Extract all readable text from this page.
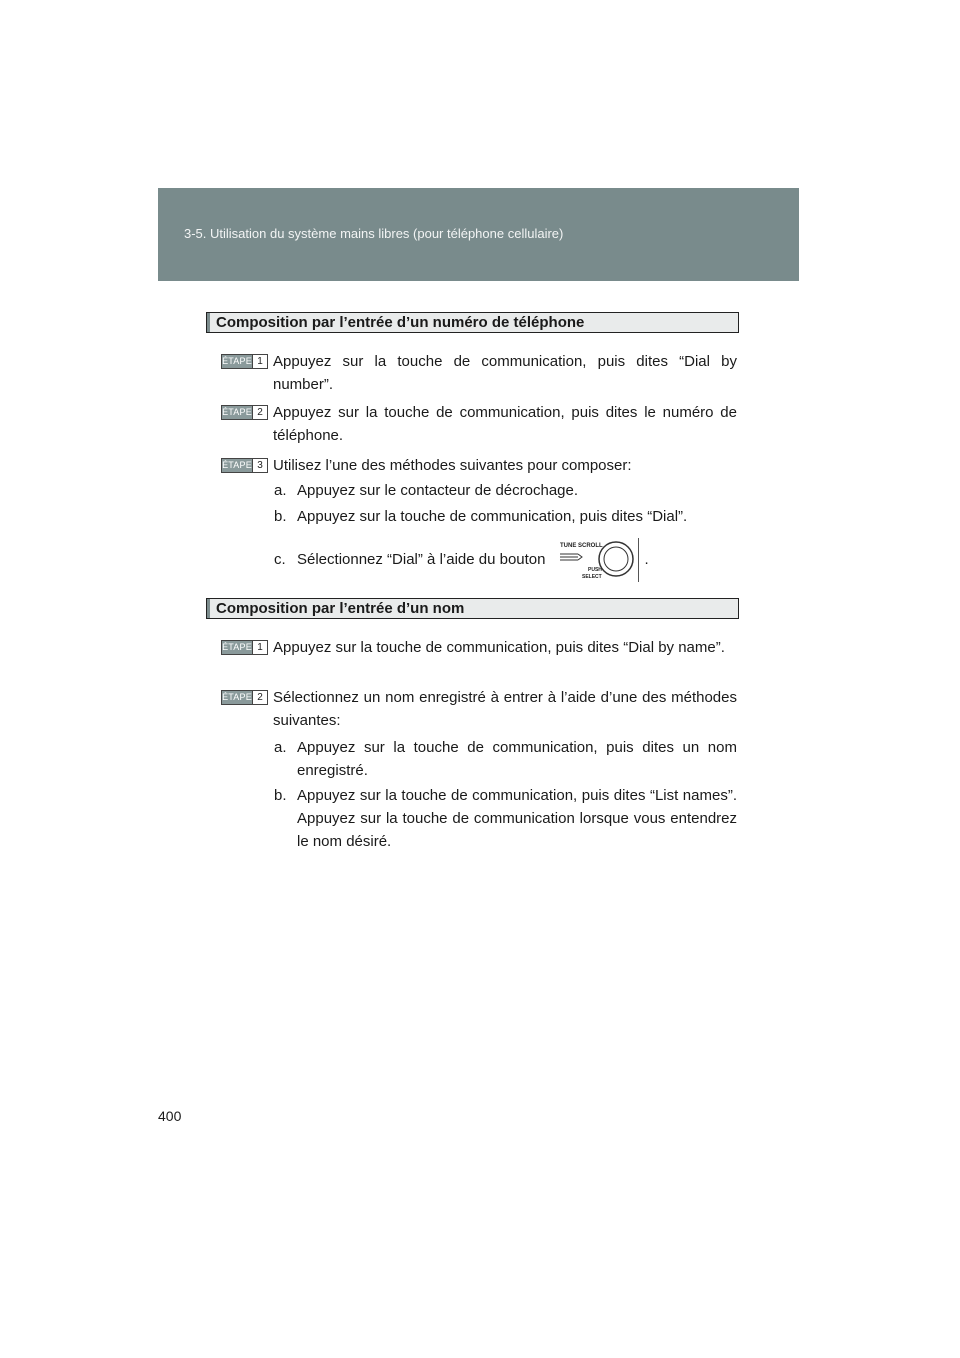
3-5. Utilisation du système mains libres (pour téléphone cellulaire)
Composition par l’entrée d’un numéro de téléphone
ÉTAPE 1 Appuyez sur la touche de communication, puis dites “Dial by number”.
ÉTAPE 2 Appuyez sur la touche de communication, puis dites le numéro de téléphone.
ÉTAPE 3 Utilisez l’une des méthodes suivantes pour composer:
a. Appuyez sur le contacteur de décrochage.
b. Appuyez sur la touche de communication, puis dites “Dial”.
c. Sélectionnez “Dial” à l’aide du bouton
TUNE SCROLL
PUSH
SELECT
.
Composition par l’entrée d’un nom
ÉTAPE 1 Appuyez sur la touche de communication, puis dites “Dial by name”.
ÉTAPE 2 Sélectionnez un nom enregistré à entrer à l’aide d’une des méthodes suivantes:
a. Appuyez sur la touche de communication, puis dites un nom enregistré.
b. Appuyez sur la touche de communication, puis dites “List names”. Appuyez sur la touche de communication lorsque vous entendrez le nom désiré.
400
